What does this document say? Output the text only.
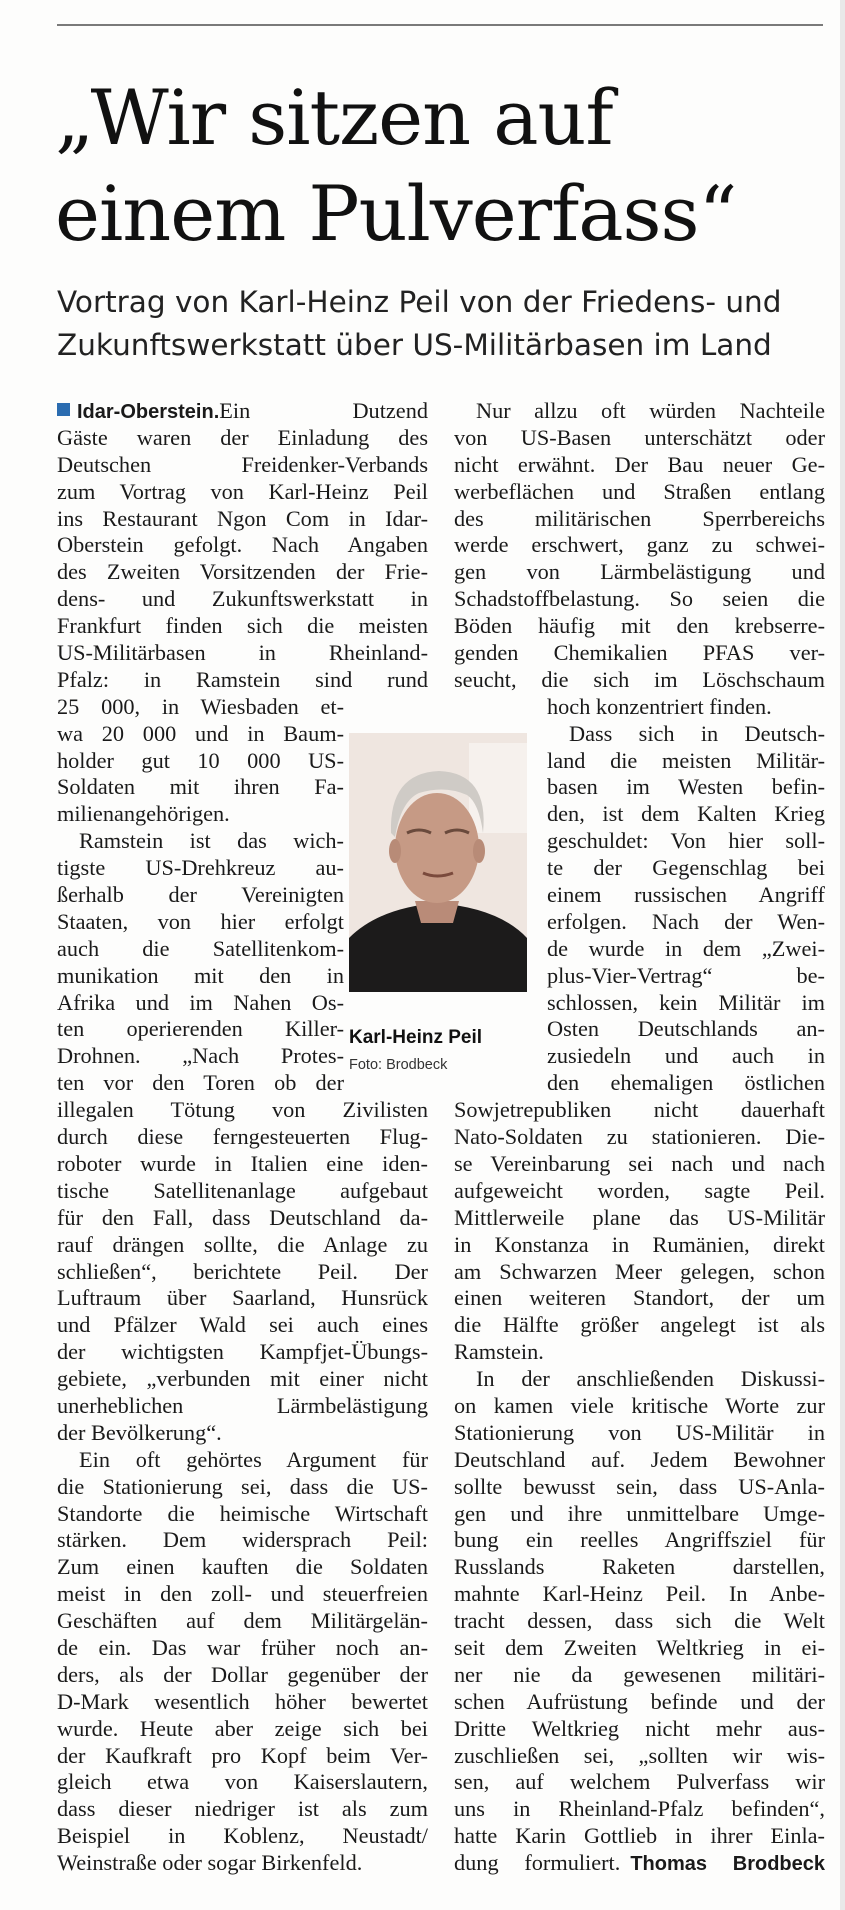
„Wir sitzen auf
einem Pulverfass“

Vortrag von Karl-Heinz Peil von der Friedens- und
Zukunftswerkstatt über US-Militärbasen im Land

Idar-Oberstein.Ein Dutzend
Gäste waren der Einladung des
Deutschen Freidenker-Verbands
zum Vortrag von Karl-Heinz Peil
ins Restaurant Ngon Com in Idar-
Oberstein gefolgt. Nach Angaben
des Zweiten Vorsitzenden der Frie-
dens- und Zukunftswerkstatt in
Frankfurt finden sich die meisten
US-Militärbasen in Rheinland-
Pfalz: in Ramstein sind rund
25 000, in Wiesbaden et-
wa 20 000 und in Baum-
holder gut 10 000 US-
Soldaten mit ihren Fa-
milienangehörigen.
Ramstein ist das wich-
tigste US-Drehkreuz au-
ßerhalb der Vereinigten
Staaten, von hier erfolgt
auch die Satellitenkom-
munikation mit den in
Afrika und im Nahen Os-
ten operierenden Killer-
Drohnen. „Nach Protes-
ten vor den Toren ob der
illegalen Tötung von Zivilisten
durch diese ferngesteuerten Flug-
roboter wurde in Italien eine iden-
tische Satellitenanlage aufgebaut
für den Fall, dass Deutschland da-
rauf drängen sollte, die Anlage zu
schließen“, berichtete Peil. Der
Luftraum über Saarland, Hunsrück
und Pfälzer Wald sei auch eines
der wichtigsten Kampfjet-Übungs-
gebiete, „verbunden mit einer nicht
unerheblichen Lärmbelästigung
der Bevölkerung“.
Ein oft gehörtes Argument für
die Stationierung sei, dass die US-
Standorte die heimische Wirtschaft
stärken. Dem widersprach Peil:
Zum einen kauften die Soldaten
meist in den zoll- und steuerfreien
Geschäften auf dem Militärgelän-
de ein. Das war früher noch an-
ders, als der Dollar gegenüber der
D-Mark wesentlich höher bewertet
wurde. Heute aber zeige sich bei
der Kaufkraft pro Kopf beim Ver-
gleich etwa von Kaiserslautern,
dass dieser niedriger ist als zum
Beispiel in Koblenz, Neustadt/
Weinstraße oder sogar Birkenfeld.
Nur allzu oft würden Nachteile
von US-Basen unterschätzt oder
nicht erwähnt. Der Bau neuer Ge-
werbeflächen und Straßen entlang
des militärischen Sperrbereichs
werde erschwert, ganz zu schwei-
gen von Lärmbelästigung und
Schadstoffbelastung. So seien die
Böden häufig mit den krebserre-
genden Chemikalien PFAS ver-
seucht, die sich im Löschschaum
hoch konzentriert finden.
Dass sich in Deutsch-
land die meisten Militär-
basen im Westen befin-
den, ist dem Kalten Krieg
geschuldet: Von hier soll-
te der Gegenschlag bei
einem russischen Angriff
erfolgen. Nach der Wen-
de wurde in dem „Zwei-
plus-Vier-Vertrag“ be-
schlossen, kein Militär im
Osten Deutschlands an-
zusiedeln und auch in
den ehemaligen östlichen
Sowjetrepubliken nicht dauerhaft
Nato-Soldaten zu stationieren. Die-
se Vereinbarung sei nach und nach
aufgeweicht worden, sagte Peil.
Mittlerweile plane das US-Militär
in Konstanza in Rumänien, direkt
am Schwarzen Meer gelegen, schon
einen weiteren Standort, der um
die Hälfte größer angelegt ist als
Ramstein.
In der anschließenden Diskussi-
on kamen viele kritische Worte zur
Stationierung von US-Militär in
Deutschland auf. Jedem Bewohner
sollte bewusst sein, dass US-Anla-
gen und ihre unmittelbare Umge-
bung ein reelles Angriffsziel für
Russlands Raketen darstellen,
mahnte Karl-Heinz Peil. In Anbe-
tracht dessen, dass sich die Welt
seit dem Zweiten Weltkrieg in ei-
ner nie da gewesenen militäri-
schen Aufrüstung befinde und der
Dritte Weltkrieg nicht mehr aus-
zuschließen sei, „sollten wir wis-
sen, auf welchem Pulverfass wir
uns in Rheinland-Pfalz befinden“,
hatte Karin Gottlieb in ihrer Einla-
dung formuliert. Thomas Brodbeck
Karl-Heinz Peil
Foto: Brodbeck
